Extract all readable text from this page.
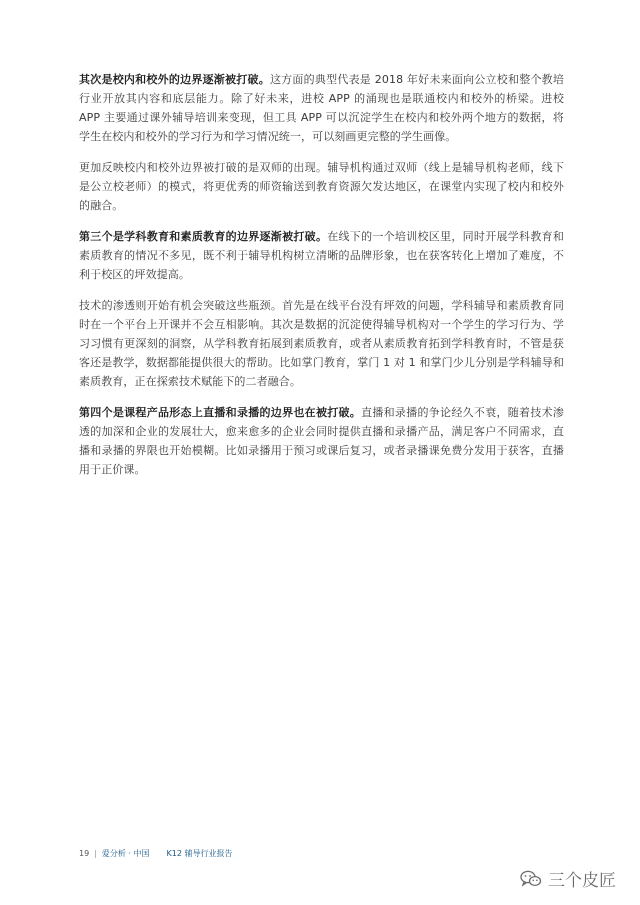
其次是校内和校外的边界逐渐被打破。这方面的典型代表是 2018 年好未来面向公立校和整个教培行业开放其内容和底层能力。除了好未来，进校 APP 的涌现也是联通校内和校外的桥梁。进校 APP 主要通过课外辅导培训来变现，但工具 APP 可以沉淀学生在校内和校外两个地方的数据，将学生在校内和校外的学习行为和学习情况统一，可以刻画更完整的学生画像。

更加反映校内和校外边界被打破的是双师的出现。辅导机构通过双师（线上是辅导机构老师，线下是公立校老师）的模式，将更优秀的师资输送到教育资源欠发达地区，在课堂内实现了校内和校外的融合。

第三个是学科教育和素质教育的边界逐渐被打破。在线下的一个培训校区里，同时开展学科教育和素质教育的情况不多见，既不利于辅导机构树立清晰的品牌形象，也在获客转化上增加了难度，不利于校区的坪效提高。

技术的渗透则开始有机会突破这些瓶颈。首先是在线平台没有坪效的问题，学科辅导和素质教育同时在一个平台上开课并不会互相影响。其次是数据的沉淀使得辅导机构对一个学生的学习行为、学习习惯有更深刻的洞察，从学科教育拓展到素质教育，或者从素质教育拓到学科教育时，不管是获客还是教学，数据都能提供很大的帮助。比如掌门教育，掌门 1 对 1 和掌门少儿分别是学科辅导和素质教育，正在探索技术赋能下的二者融合。

第四个是课程产品形态上直播和录播的边界也在被打破。直播和录播的争论经久不衰，随着技术渗透的加深和企业的发展壮大，愈来愈多的企业会同时提供直播和录播产品，满足客户不同需求，直播和录播的界限也开始模糊。比如录播用于预习或课后复习，或者录播课免费分发用于获客，直播用于正价课。

19 | 爱分析 · 中国 K12 辅导行业报告
三个皮匠
